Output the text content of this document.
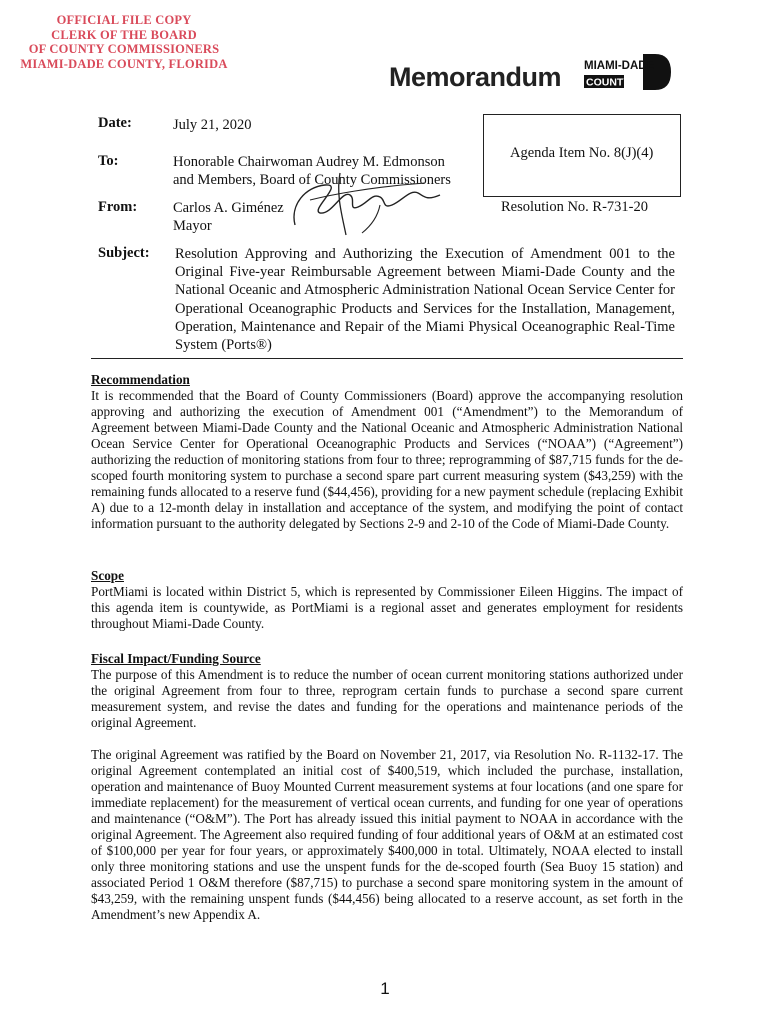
OFFICIAL FILE COPY
CLERK OF THE BOARD
OF COUNTY COMMISSIONERS
MIAMI-DADE COUNTY, FLORIDA	Memorandum MIAMI-DADE
COUNTY
Date:	July 21, 2020
To:	Honorable Chairwoman Audrey M. Edmonson
and Members, Board of County Commissioners
From: Carlos A. Giménez
Mayor
Subject: Resolution Approving and Authorizing the Execution of Amendment 001 to the Original Five-year Reimbursable Agreement between Miami-Dade County and the National Oceanic and Atmospheric Administration National Ocean Service Center for Operational Oceanographic Products and Services for the Installation, Management, Operation, Maintenance and Repair of the Miami Physical Oceanographic Real-Time System (Ports®)
Agenda Item No. 8(J)(4)
Resolution No. R-731-20
Recommendation

It is recommended that the Board of County Commissioners (Board) approve the accompanying resolution approving and authorizing the execution of Amendment 001 (“Amendment”) to the Memorandum of Agreement between Miami-Dade County and the National Oceanic and Atmospheric Administration National Ocean Service Center for Operational Oceanographic Products and Services (“NOAA”) (“Agreement”) authorizing the reduction of monitoring stations from four to three; reprogramming of $87,715 funds for the de-scoped fourth monitoring system to purchase a second spare part current measuring system ($43,259) with the remaining funds allocated to a reserve fund ($44,456), providing for a new payment schedule (replacing Exhibit A) due to a 12-month delay in installation and acceptance of the system, and modifying the point of contact information pursuant to the authority delegated by Sections 2-9 and 2-10 of the Code of Miami-Dade County.

Scope

PortMiami is located within District 5, which is represented by Commissioner Eileen Higgins. The impact of this agenda item is countywide, as PortMiami is a regional asset and generates employment for residents throughout Miami-Dade County.

Fiscal Impact/Funding Source

The purpose of this Amendment is to reduce the number of ocean current monitoring stations authorized under the original Agreement from four to three, reprogram certain funds to purchase a second spare current measurement system, and revise the dates and funding for the operations and maintenance periods of the original Agreement.

The original Agreement was ratified by the Board on November 21, 2017, via Resolution No. R-1132-17. The original Agreement contemplated an initial cost of $400,519, which included the purchase, installation, operation and maintenance of Buoy Mounted Current measurement systems at four locations (and one spare for immediate replacement) for the measurement of vertical ocean currents, and funding for one year of operations and maintenance (“O&M”). The Port has already issued this initial payment to NOAA in accordance with the original Agreement. The Agreement also required funding of four additional years of O&M at an estimated cost of $100,000 per year for four years, or approximately $400,000 in total. Ultimately, NOAA elected to install only three monitoring stations and use the unspent funds for the de-scoped fourth (Sea Buoy 15 station) and associated Period 1 O&M therefore ($87,715) to purchase a second spare monitoring system in the amount of $43,259, with the remaining unspent funds ($44,456) being allocated to a reserve account, as set forth in the Amendment’s new Appendix A.

1
